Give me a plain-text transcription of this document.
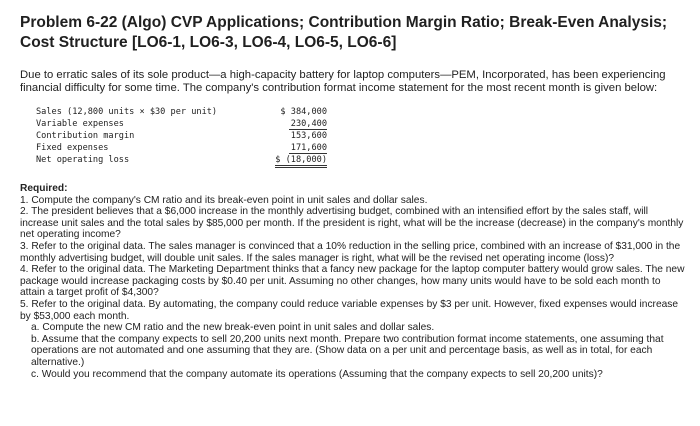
Problem 6-22 (Algo) CVP Applications; Contribution Margin Ratio; Break-Even Analysis; Cost Structure [LO6-1, LO6-3, LO6-4, LO6-5, LO6-6]
Due to erratic sales of its sole product—a high-capacity battery for laptop computers—PEM, Incorporated, has been experiencing financial difficulty for some time. The company's contribution format income statement for the most recent month is given below:
Sales (12,800 units × $30 per unit)	$ 384,000
Variable expenses	230,400
Contribution margin	153,600
Fixed expenses	171,600
Net operating loss	$ (18,000)

Required:

1. Compute the company's CM ratio and its break-even point in unit sales and dollar sales.

2. The president believes that a $6,000 increase in the monthly advertising budget, combined with an intensified effort by the sales staff, will increase unit sales and the total sales by $85,000 per month. If the president is right, what will be the increase (decrease) in the company's monthly net operating income?

3. Refer to the original data. The sales manager is convinced that a 10% reduction in the selling price, combined with an increase of $31,000 in the monthly advertising budget, will double unit sales. If the sales manager is right, what will be the revised net operating income (loss)?

4. Refer to the original data. The Marketing Department thinks that a fancy new package for the laptop computer battery would grow sales. The new package would increase packaging costs by $0.40 per unit. Assuming no other changes, how many units would have to be sold each month to attain a target profit of $4,300?

5. Refer to the original data. By automating, the company could reduce variable expenses by $3 per unit. However, fixed expenses would increase by $53,000 each month.

a. Compute the new CM ratio and the new break-even point in unit sales and dollar sales.

b. Assume that the company expects to sell 20,200 units next month. Prepare two contribution format income statements, one assuming that operations are not automated and one assuming that they are. (Show data on a per unit and percentage basis, as well as in total, for each alternative.)

c. Would you recommend that the company automate its operations (Assuming that the company expects to sell 20,200 units)?
